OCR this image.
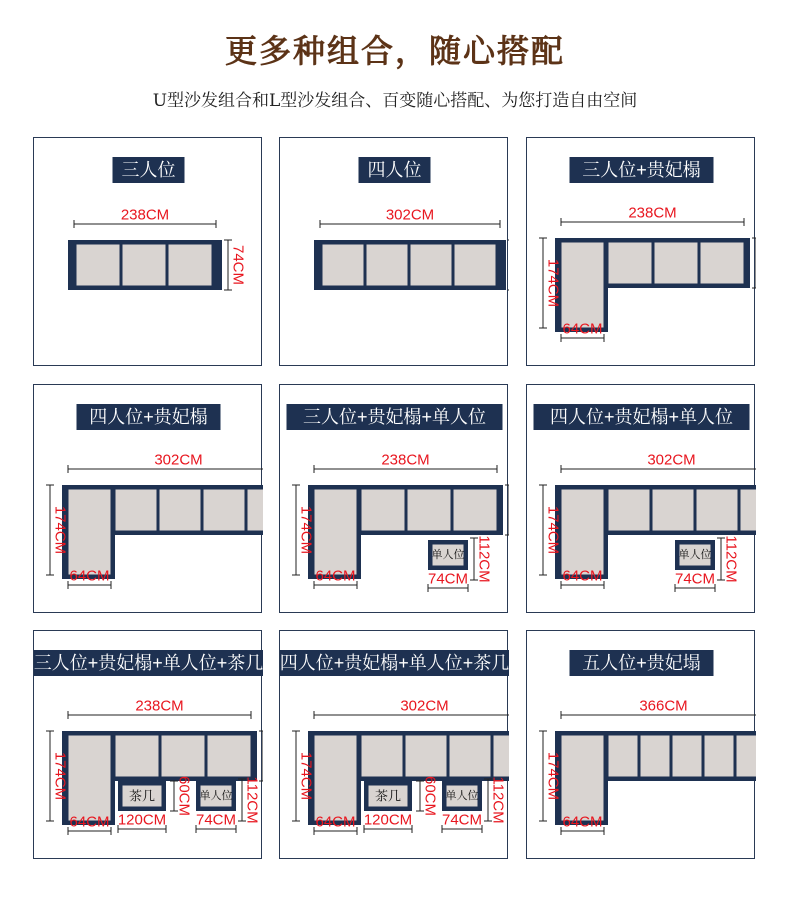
更多种组合，随心搭配
U型沙发组合和L型沙发组合、百变随心搭配、为您打造自由空间
三人位
238CM
74CM
四人位
302CM
三人位+贵妃榻
174CM
64CM
238CM
四人位+贵妃榻
174CM
64CM
302CM
三人位+贵妃榻+单人位
174CM
64CM
238CM
单人位
74CM 112CM
四人位+贵妃榻+单人位
174CM
64CM
302CM
单人位
74CM 112CM
三人位+贵妃榻+单人位+茶几
174CM
64CM
238CM
单人位
74CM 112CM
茶几
120CM
60CM
四人位+贵妃榻+单人位+茶几
174CM
64CM
302CM
单人位
74CM 112CM
茶几
120CM
60CM
五人位+贵妃塌
174CM
64CM
366CM
